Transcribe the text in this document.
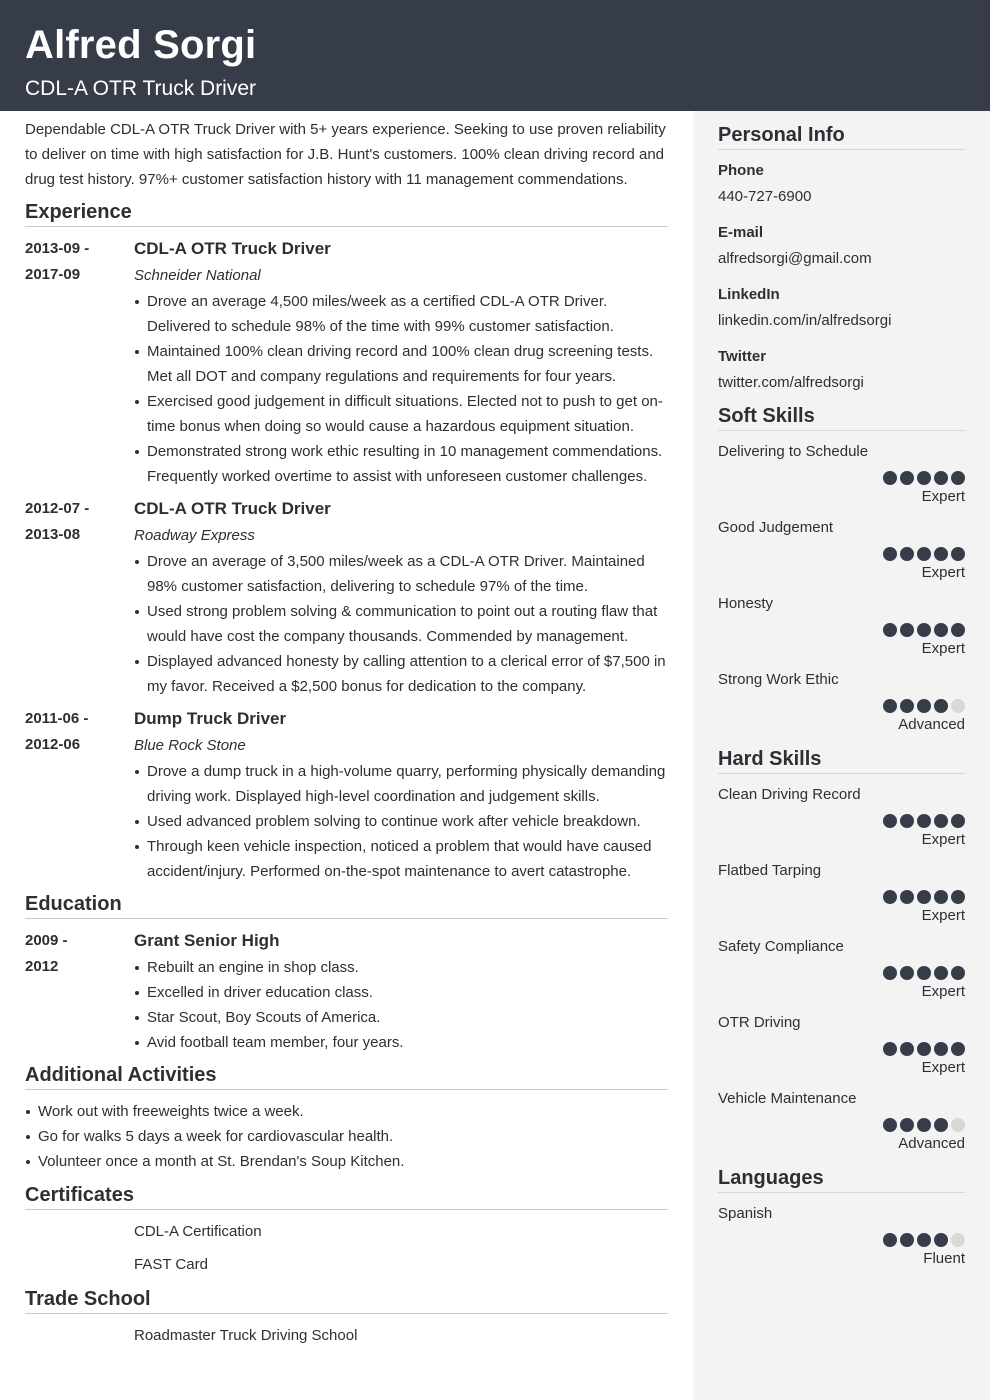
Alfred Sorgi
CDL-A OTR Truck Driver
Personal Info
Phone
440-727-6900
E-mail
alfredsorgi@gmail.com
LinkedIn
linkedin.com/in/alfredsorgi
Twitter
twitter.com/alfredsorgi
Soft Skills
Delivering to Schedule
Expert
Good Judgement
Expert
Honesty
Expert
Strong Work Ethic
Advanced
Hard Skills
Clean Driving Record
Expert
Flatbed Tarping
Expert
Safety Compliance
Expert
OTR Driving
Expert
Vehicle Maintenance
Advanced
Languages
Spanish
Fluent
Dependable CDL-A OTR Truck Driver with 5+ years experience. Seeking to use proven reliability to deliver on time with high satisfaction for J.B. Hunt's customers. 100% clean driving record and drug test history. 97%+ customer satisfaction history with 11 management commendations.
Experience
2013-09 -
2017-09
CDL-A OTR Truck Driver
Schneider National
Drove an average 4,500 miles/week as a certified CDL-A OTR Driver. Delivered to schedule 98% of the time with 99% customer satisfaction.
Maintained 100% clean driving record and 100% clean drug screening tests. Met all DOT and company regulations and requirements for four years.
Exercised good judgement in difficult situations. Elected not to push to get on-time bonus when doing so would cause a hazardous equipment situation.
Demonstrated strong work ethic resulting in 10 management commendations. Frequently worked overtime to assist with unforeseen customer challenges.
2012-07 -
2013-08
CDL-A OTR Truck Driver
Roadway Express
Drove an average of 3,500 miles/week as a CDL-A OTR Driver. Maintained 98% customer satisfaction, delivering to schedule 97% of the time.
Used strong problem solving & communication to point out a routing flaw that would have cost the company thousands. Commended by management.
Displayed advanced honesty by calling attention to a clerical error of $7,500 in my favor. Received a $2,500 bonus for dedication to the company.
2011-06 -
2012-06
Dump Truck Driver
Blue Rock Stone
Drove a dump truck in a high-volume quarry, performing physically demanding driving work. Displayed high-level coordination and judgement skills.
Used advanced problem solving to continue work after vehicle breakdown.
Through keen vehicle inspection, noticed a problem that would have caused accident/injury. Performed on-the-spot maintenance to avert catastrophe.
Education
2009 -
2012
Grant Senior High
Rebuilt an engine in shop class.
Excelled in driver education class.
Star Scout, Boy Scouts of America.
Avid football team member, four years.
Additional Activities
Work out with freeweights twice a week.
Go for walks 5 days a week for cardiovascular health.
Volunteer once a month at St. Brendan's Soup Kitchen.
Certificates
CDL-A Certification
FAST Card
Trade School
Roadmaster Truck Driving School
